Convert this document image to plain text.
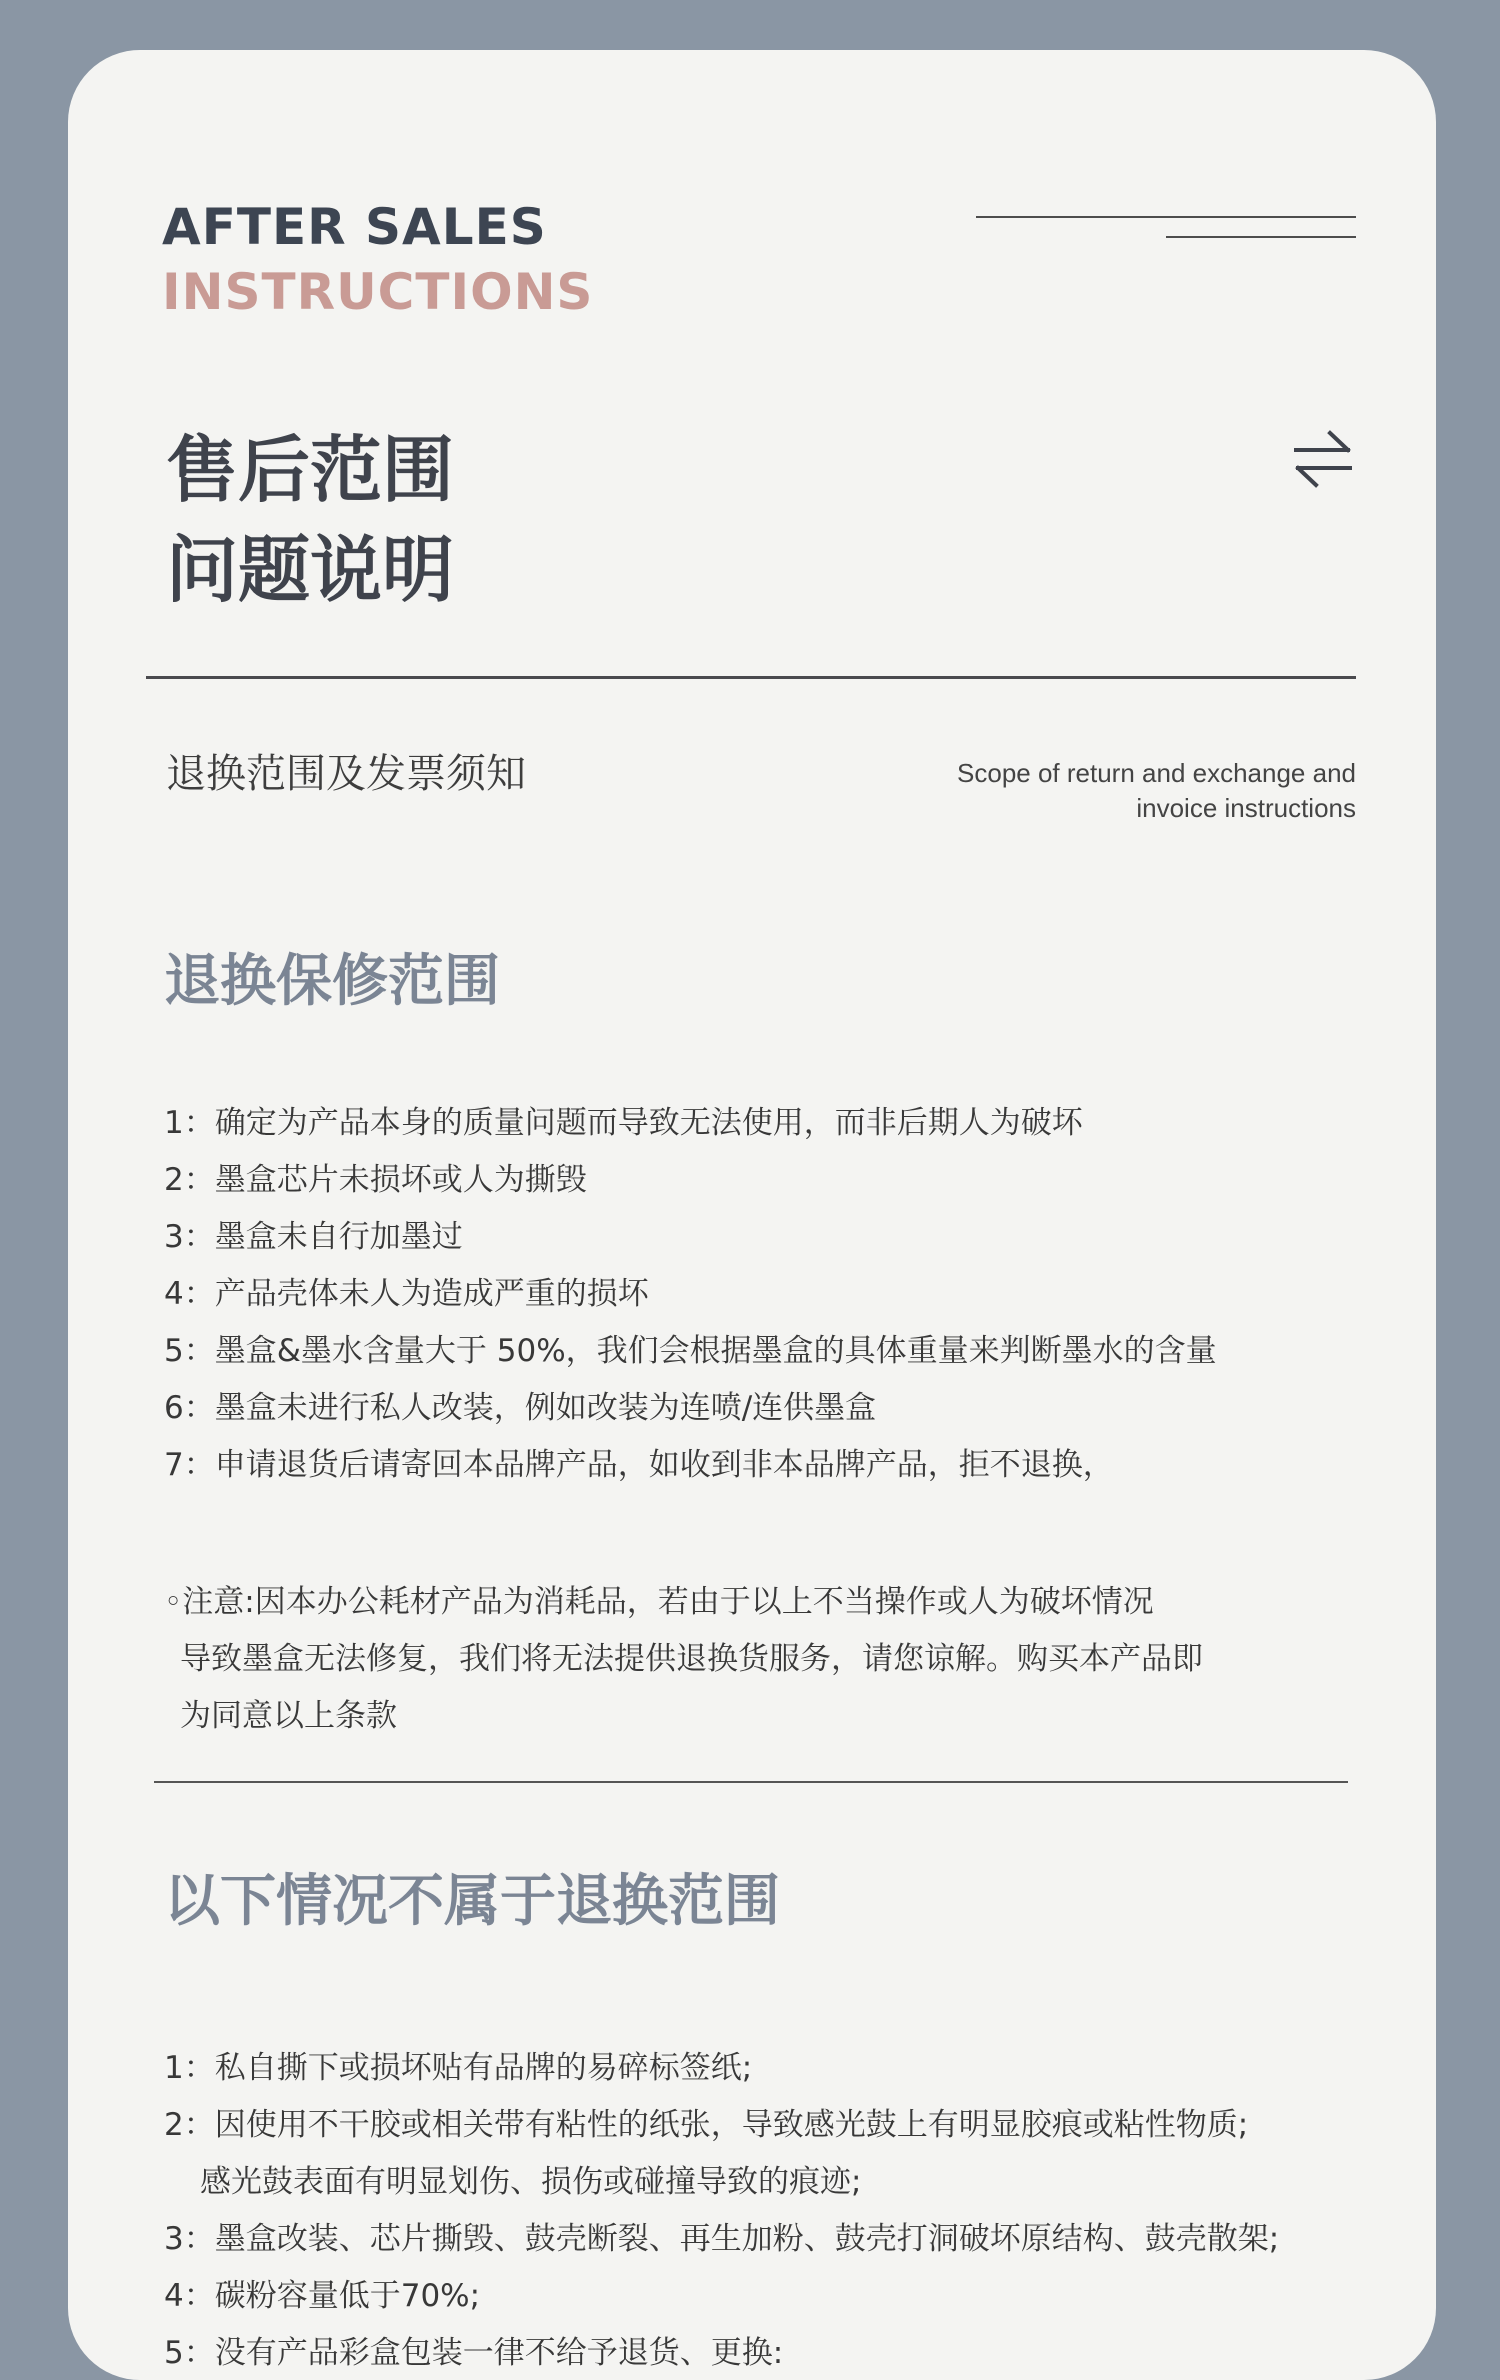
AFTER SALES
INSTRUCTIONS
售后范围
问题说明
退换范围及发票须知	Scope of return and exchange and
invoice instructions
退换保修范围
1：确定为产品本身的质量问题而导致无法使用，而非后期人为破坏
2：墨盒芯片未损坏或人为撕毁
3：墨盒未自行加墨过
4：产品壳体未人为造成严重的损坏
5：墨盒&墨水含量大于 50%，我们会根据墨盒的具体重量来判断墨水的含量
6：墨盒未进行私人改装，例如改装为连喷/连供墨盒
7：申请退货后请寄回本品牌产品，如收到非本品牌产品，拒不退换，
◦注意:因本办公耗材产品为消耗品，若由于以上不当操作或人为破坏情况
导致墨盒无法修复，我们将无法提供退换货服务，请您谅解。购买本产品即
为同意以上条款
以下情况不属于退换范围
1：私自撕下或损坏贴有品牌的易碎标签纸;
2：因使用不干胶或相关带有粘性的纸张，导致感光鼓上有明显胶痕或粘性物质;
感光鼓表面有明显划伤、损伤或碰撞导致的痕迹;
3：墨盒改装、芯片撕毁、鼓壳断裂、再生加粉、鼓壳打洞破坏原结构、鼓壳散架;
4：碳粉容量低于70%;
5：没有产品彩盒包装一律不给予退货、更换:
